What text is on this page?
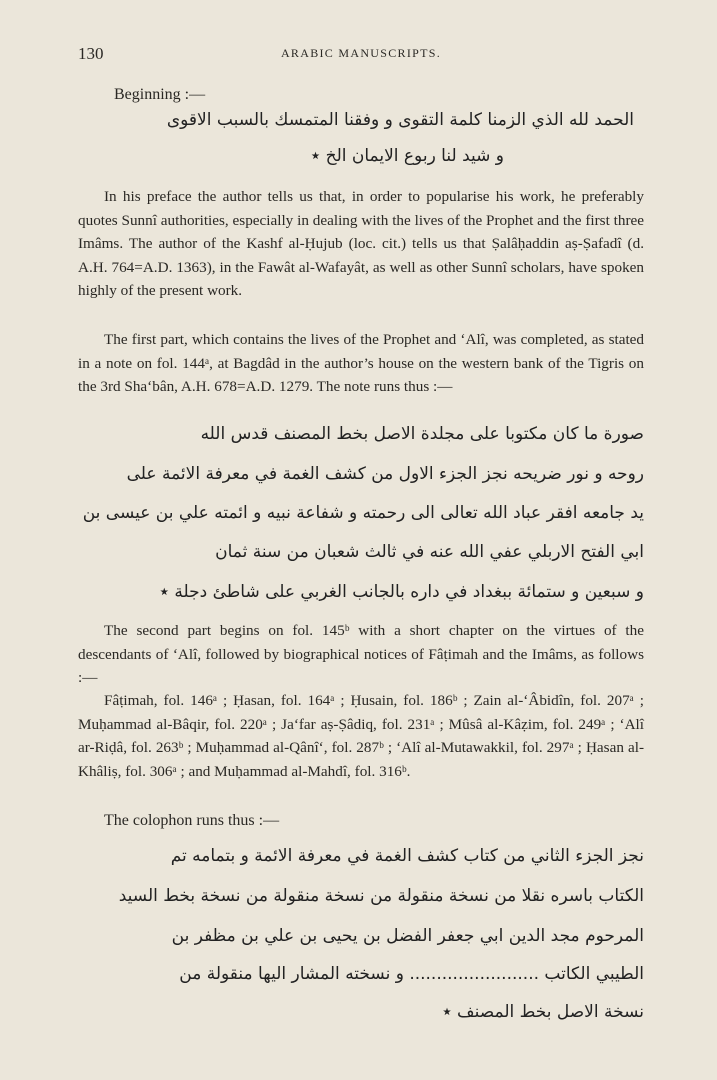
130	ARABIC MANUSCRIPTS.
Beginning :—
الحمد لله الذي الزمنا كلمة التقوى و وفقنا المتمسك بالسبب الاقوى
و شيد لنا ربوع الايمان الخ ٭

In his preface the author tells us that, in order to popularise his work, he preferably quotes Sunnî authorities, especially in dealing with the lives of the Prophet and the first three Imâms. The author of the Kashf al-Ḥujub (loc. cit.) tells us that Ṣalâḥaddin aṣ-Ṣafadî (d. A.H. 764=A.D. 1363), in the Fawât al-Wafayât, as well as other Sunnî scholars, have spoken highly of the present work.

The first part, which contains the lives of the Prophet and ‘Alî, was completed, as stated in a note on fol. 144ᵃ, at Bagdâd in the author’s house on the western bank of the Tigris on the 3rd Sha‘bân, A.H. 678=A.D. 1279. The note runs thus :—

صورة ما كان مكتوبا على مجلدة الاصل بخط المصنف قدس الله
روحه و نور ضريحه نجز الجزء الاول من كشف الغمة في معرفة الائمة على
يد جامعه افقر عباد الله تعالى الى رحمته و شفاعة نبيه و ائمته علي بن عيسى بن
ابي الفتح الاربلي عفي الله عنه في ثالث شعبان من سنة ثمان
و سبعين و ستمائة ببغداد في داره بالجانب الغربي على شاطئ دجلة ٭

The second part begins on fol. 145ᵇ with a short chapter on the virtues of the descendants of ‘Alî, followed by biographical notices of Fâṭimah and the Imâms, as follows :—

Fâṭimah, fol. 146ᵃ ; Ḥasan, fol. 164ᵃ ; Ḥusain, fol. 186ᵇ ; Zain al-‘Âbidîn, fol. 207ᵃ ; Muḥammad al-Bâqir, fol. 220ᵃ ; Ja‘far aṣ-Ṣâdiq, fol. 231ᵃ ; Mûsâ al-Kâẓim, fol. 249ᵃ ; ‘Alî ar-Riḍâ, fol. 263ᵇ ; Muḥammad al-Qânî‘, fol. 287ᵇ ; ‘Alî al-Mutawakkil, fol. 297ᵃ ; Ḥasan al-Khâliṣ, fol. 306ᵃ ; and Muḥammad al-Mahdî, fol. 316ᵇ.

The colophon runs thus :—
نجز الجزء الثاني من كتاب كشف الغمة في معرفة الائمة و بتمامه تم
الكتاب باسره نقلا من نسخة منقولة من نسخة منقولة من نسخة بخط السيد
المرحوم مجد الدين ابي جعفر الفضل بن يحيى بن علي بن مظفر بن
الطيبي الكاتب ........................ و نسخته المشار اليها منقولة من
نسخة الاصل بخط المصنف ٭
